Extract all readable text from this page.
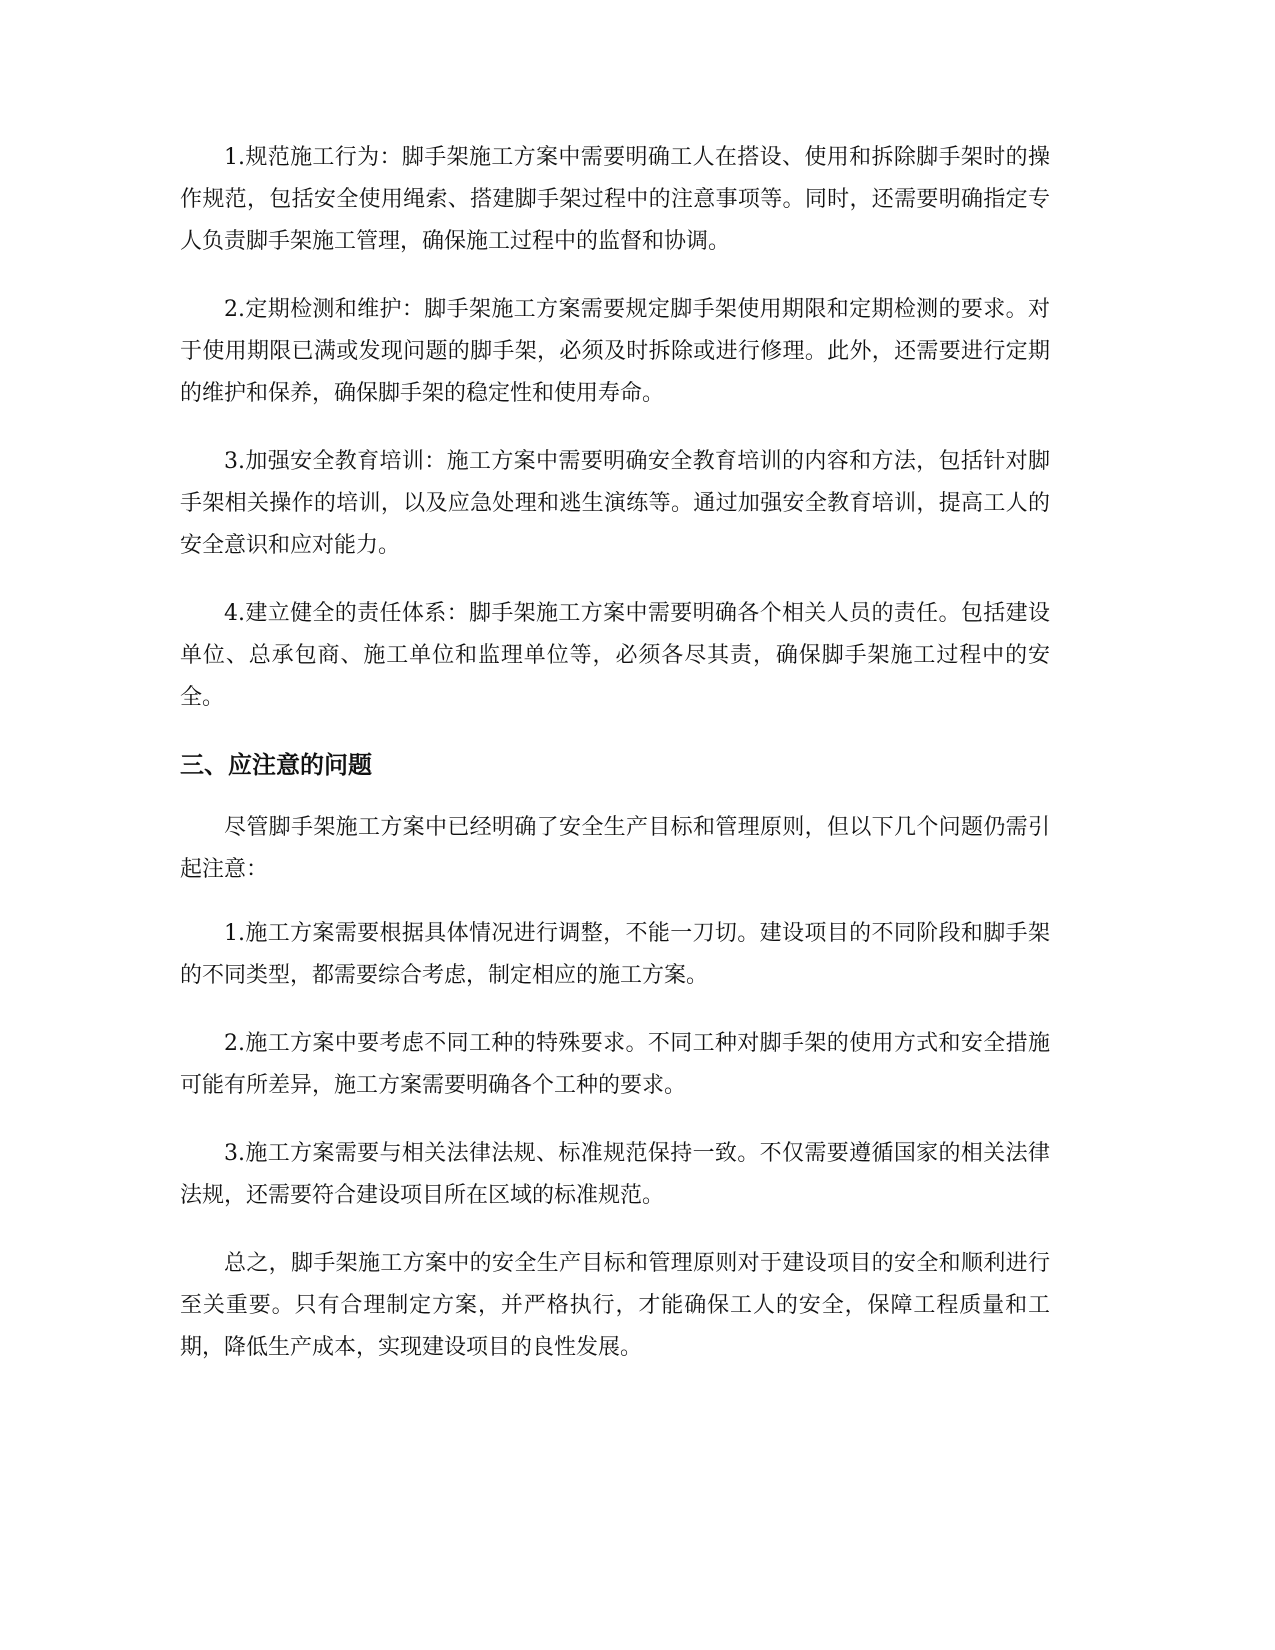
1.规范施工行为：脚手架施工方案中需要明确工人在搭设、使用和拆除脚手架时的操作规范，包括安全使用绳索、搭建脚手架过程中的注意事项等。同时，还需要明确指定专人负责脚手架施工管理，确保施工过程中的监督和协调。

2.定期检测和维护：脚手架施工方案需要规定脚手架使用期限和定期检测的要求。对于使用期限已满或发现问题的脚手架，必须及时拆除或进行修理。此外，还需要进行定期的维护和保养，确保脚手架的稳定性和使用寿命。

3.加强安全教育培训：施工方案中需要明确安全教育培训的内容和方法，包括针对脚手架相关操作的培训，以及应急处理和逃生演练等。通过加强安全教育培训，提高工人的安全意识和应对能力。

4.建立健全的责任体系：脚手架施工方案中需要明确各个相关人员的责任。包括建设单位、总承包商、施工单位和监理单位等，必须各尽其责，确保脚手架施工过程中的安全。

三、应注意的问题

尽管脚手架施工方案中已经明确了安全生产目标和管理原则，但以下几个问题仍需引起注意：

1.施工方案需要根据具体情况进行调整，不能一刀切。建设项目的不同阶段和脚手架的不同类型，都需要综合考虑，制定相应的施工方案。

2.施工方案中要考虑不同工种的特殊要求。不同工种对脚手架的使用方式和安全措施可能有所差异，施工方案需要明确各个工种的要求。

3.施工方案需要与相关法律法规、标准规范保持一致。不仅需要遵循国家的相关法律法规，还需要符合建设项目所在区域的标准规范。

总之，脚手架施工方案中的安全生产目标和管理原则对于建设项目的安全和顺利进行至关重要。只有合理制定方案，并严格执行，才能确保工人的安全，保障工程质量和工期，降低生产成本，实现建设项目的良性发展。
